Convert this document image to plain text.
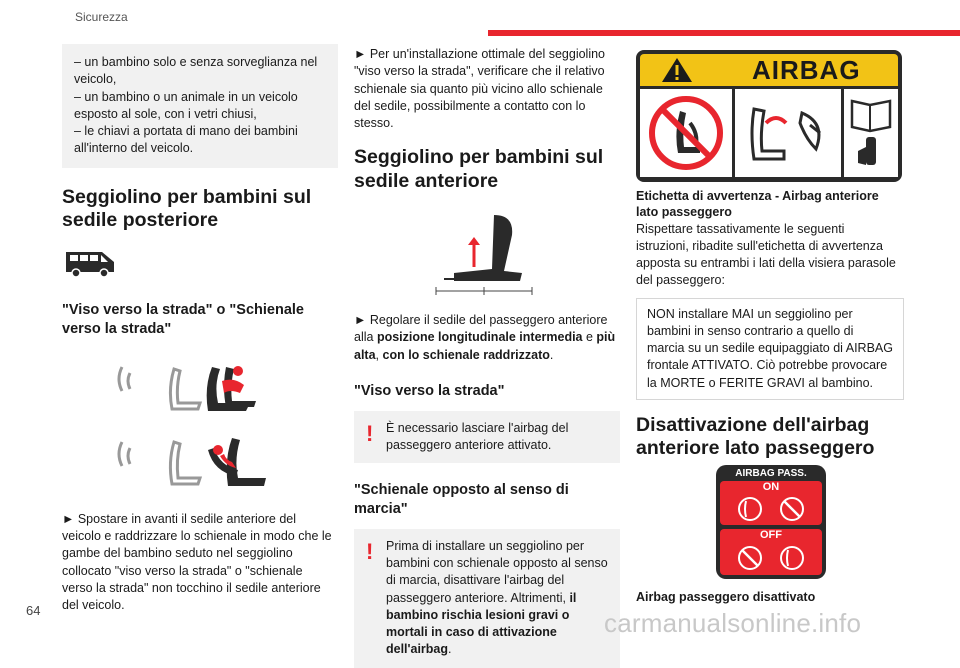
Sicurezza

– un bambino solo e senza sorveglianza nel veicolo,

– un bambino o un animale in un veicolo esposto al sole, con i vetri chiusi,

– le chiavi a portata di mano dei bambini all'interno del veicolo.

Seggiolino per bambini sul sedile posteriore
"Viso verso la strada" o "Schienale verso la strada"
► Spostare in avanti il sedile anteriore del veicolo e raddrizzare lo schienale in modo che le gambe del bambino seduto nel seggiolino collocato "viso verso la strada" o "schienale verso la strada" non tocchino il sedile anteriore del veicolo.
► Per un'installazione ottimale del seggiolino "viso verso la strada", verificare che il relativo schienale sia quanto più vicino allo schienale del sedile, possibilmente a contatto con lo stesso.
Seggiolino per bambini sul sedile anteriore
► Regolare il sedile del passeggero anteriore alla posizione longitudinale intermedia e più alta, con lo schienale raddrizzato.
"Viso verso la strada"
! È necessario lasciare l'airbag del passeggero anteriore attivato.
"Schienale opposto al senso di marcia"
! Prima di installare un seggiolino per bambini con schienale opposto al senso di marcia, disattivare l'airbag del passeggero anteriore. Altrimenti, il bambino rischia lesioni gravi o mortali in caso di attivazione dell'airbag.
AIRBAG
Etichetta di avvertenza - Airbag anteriore lato passeggero
Rispettare tassativamente le seguenti istruzioni, ribadite sull'etichetta di avvertenza apposta su entrambi i lati della visiera parasole del passeggero:
NON installare MAI un seggiolino per bambini in senso contrario a quello di marcia su un sedile equipaggiato di AIRBAG frontale ATTIVATO. Ciò potrebbe provocare la MORTE o FERITE GRAVI al bambino.
Disattivazione dell'airbag anteriore lato passeggero
AIRBAG PASS.
ON
OFF
Airbag passeggero disattivato
64	carmanualsonline.info
